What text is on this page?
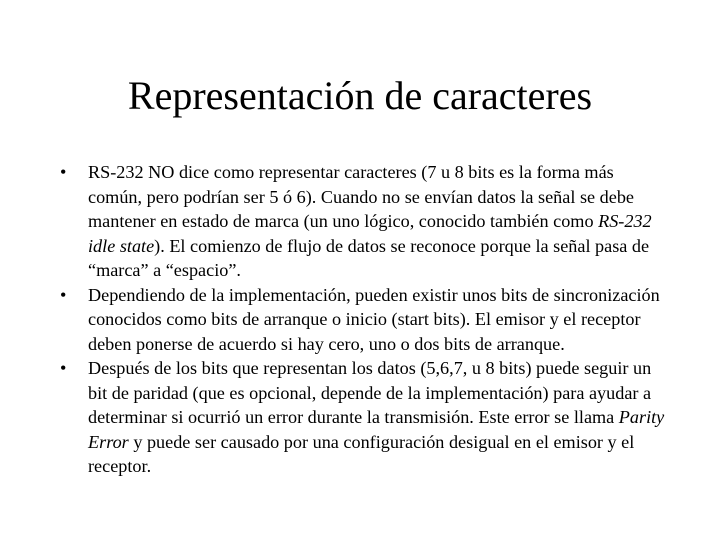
Representación de caracteres
•	RS-232 NO dice como representar caracteres (7 u 8 bits es la forma más común, pero podrían ser 5 ó 6). Cuando no se envían datos la señal se debe mantener en estado de marca (un uno lógico, conocido también como RS-232 idle state). El comienzo de flujo de datos se reconoce porque la señal pasa de “marca” a “espacio”.
•	Dependiendo de la implementación, pueden existir unos bits de sincronización conocidos como bits de arranque o inicio (start bits). El emisor y el receptor deben ponerse de acuerdo si hay cero, uno o dos bits de arranque.
•	Después de los bits que representan los datos (5,6,7, u 8 bits) puede seguir un bit de paridad (que es opcional, depende de la implementación) para ayudar a determinar si ocurrió un error durante la transmisión. Este error se llama Parity Error y puede ser causado por una configuración desigual en el emisor y el receptor.
